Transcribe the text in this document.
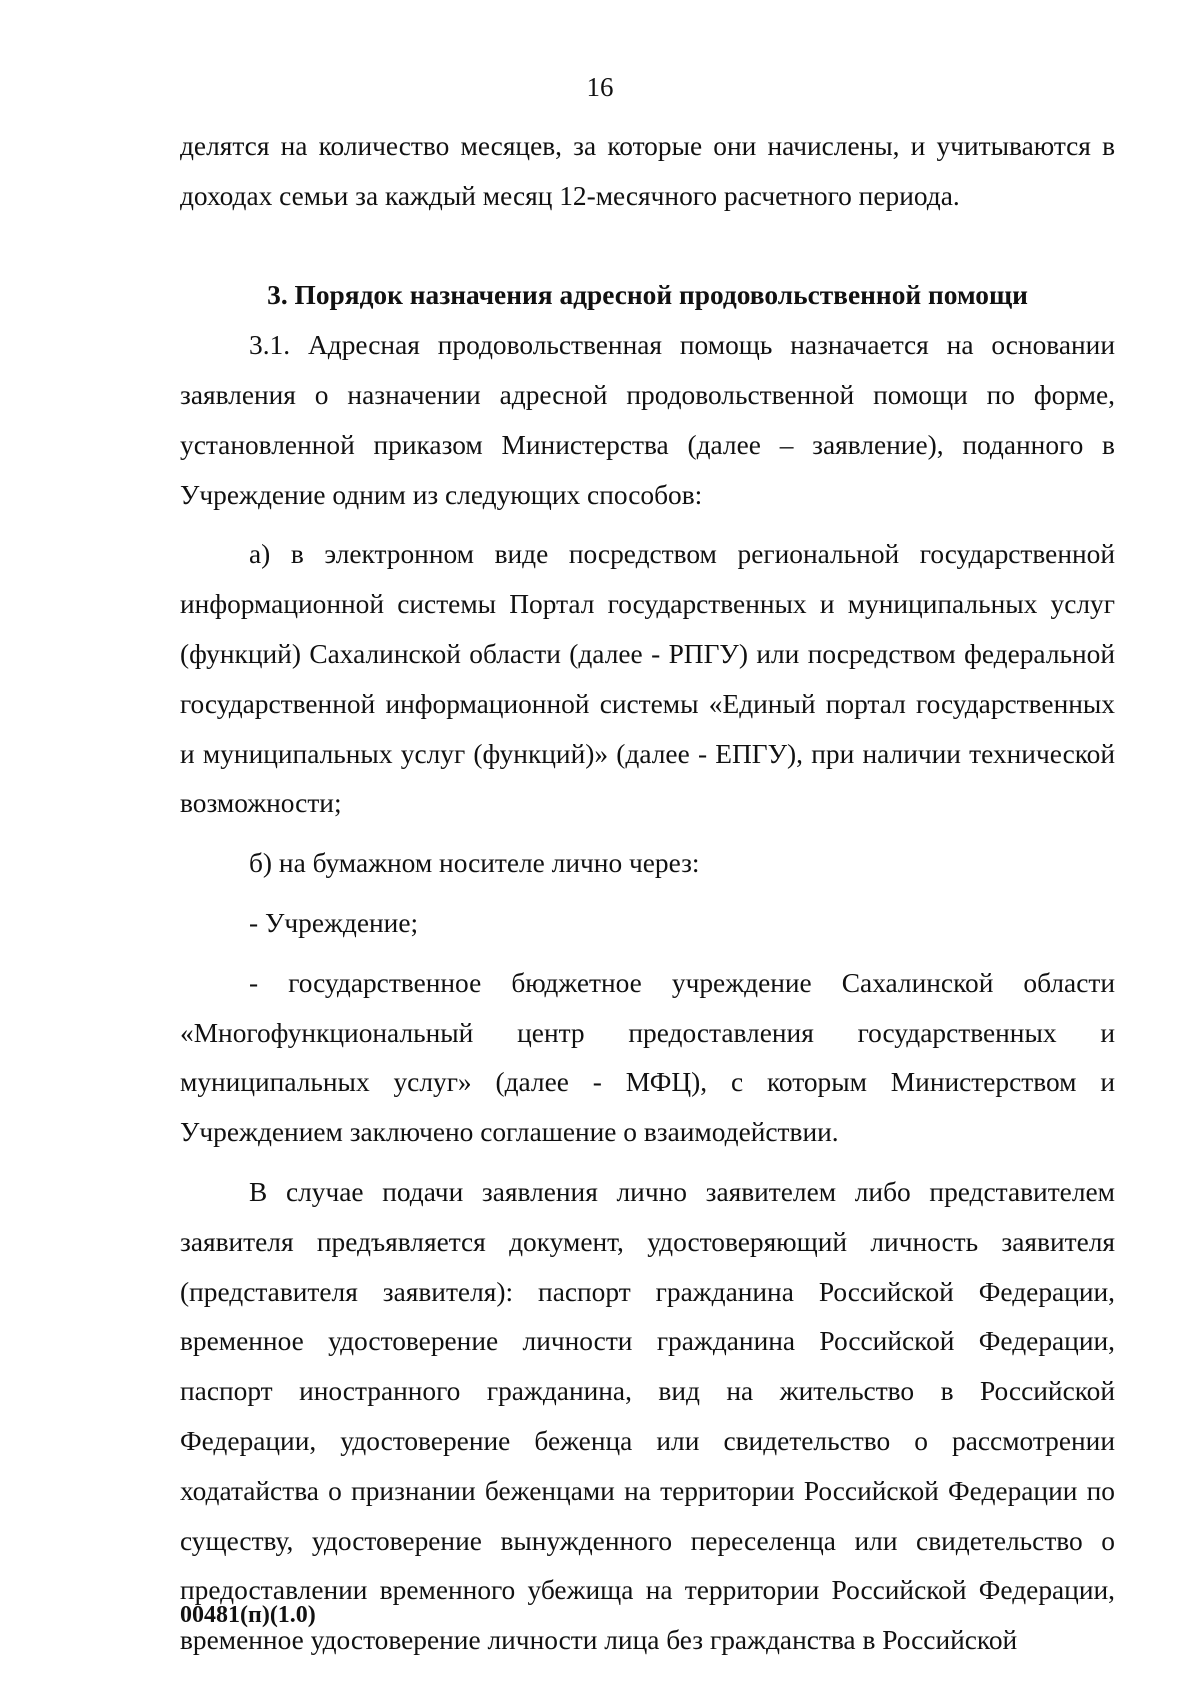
16

делятся на количество месяцев, за которые они начислены, и учитываются в доходах семьи за каждый месяц 12-месячного расчетного периода.

3. Порядок назначения адресной продовольственной помощи

3.1. Адресная продовольственная помощь назначается на основании заявления о назначении адресной продовольственной помощи по форме, установленной приказом Министерства (далее – заявление), поданного в Учреждение одним из следующих способов:

а) в электронном виде посредством региональной государственной информационной системы Портал государственных и муниципальных услуг (функций) Сахалинской области (далее - РПГУ) или посредством федеральной государственной информационной системы «Единый портал государственных и муниципальных услуг (функций)» (далее - ЕПГУ), при наличии технической возможности;

б) на бумажном носителе лично через:

- Учреждение;

- государственное бюджетное учреждение Сахалинской области «Многофункциональный центр предоставления государственных и муниципальных услуг» (далее - МФЦ), с которым Министерством и Учреждением заключено соглашение о взаимодействии.

В случае подачи заявления лично заявителем либо представителем заявителя предъявляется документ, удостоверяющий личность заявителя (представителя заявителя): паспорт гражданина Российской Федерации, временное удостоверение личности гражданина Российской Федерации, паспорт иностранного гражданина, вид на жительство в Российской Федерации, удостоверение беженца или свидетельство о рассмотрении ходатайства о признании беженцами на территории Российской Федерации по существу, удостоверение вынужденного переселенца или свидетельство о предоставлении временного убежища на территории Российской Федерации, временное удостоверение личности лица без гражданства в Российской

00481(п)(1.0)
